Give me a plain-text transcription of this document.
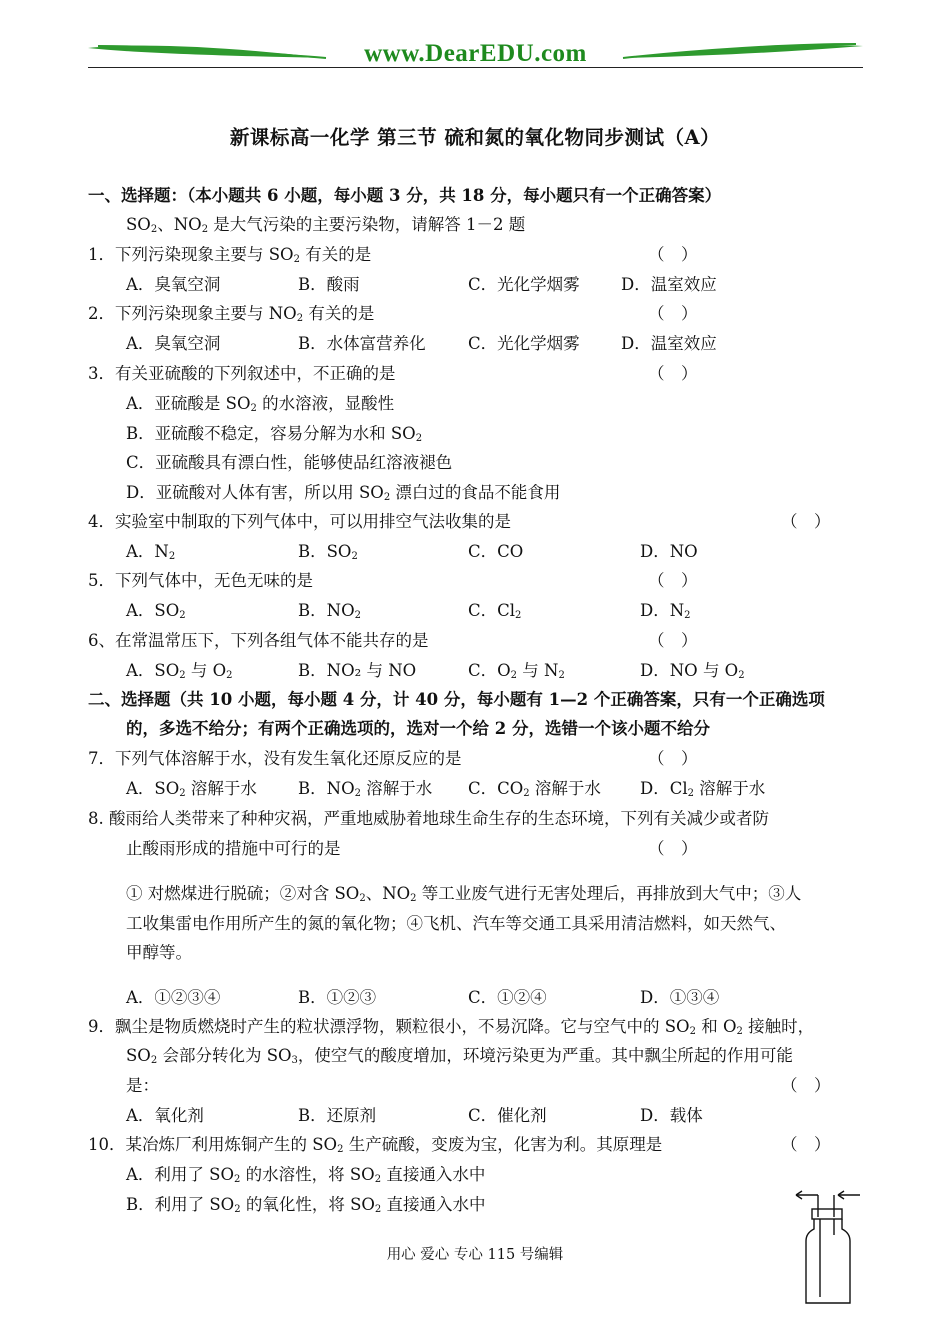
www.DearEDU.com
新课标高一化学 第三节 硫和氮的氧化物同步测试（A）
一、选择题：（本小题共 6 小题，每小题 3 分，共 18 分，每小题只有一个正确答案）
$SO_2$、$NO_2$ 是大气污染的主要污染物，请解答 1－2 题
1．下列污染现象主要与 $SO_2$ 有关的是	（　）
A．臭氧空洞	B．酸雨	C．光化学烟雾	D．温室效应
2．下列污染现象主要与 $NO_2$ 有关的是	（　）
A．臭氧空洞	B．水体富营养化	C．光化学烟雾	D．温室效应
3．有关亚硫酸的下列叙述中，不正确的是	（　）
A．亚硫酸是 $SO_2$ 的水溶液，显酸性
B．亚硫酸不稳定，容易分解为水和 $SO_2$
C．亚硫酸具有漂白性，能够使品红溶液褪色
D．亚硫酸对人体有害，所以用 $SO_2$ 漂白过的食品不能食用
4．实验室中制取的下列气体中，可以用排空气法收集的是	（　）
A．$N_2$	B．$SO_2$	C．CO	D．NO
5．下列气体中，无色无味的是	（　）
A．$SO_2$	B．$NO_2$	C．$Cl_2$	D．$N_2$
6、在常温常压下，下列各组气体不能共存的是	（　）
A．$SO_2$ 与 $O_2$	B．NO₂ 与 NO	C．$O_2$ 与 $N_2$	D．NO 与 $O_2$
二、选择题（共 10 小题，每小题 4 分，计 40 分，每小题有 1—2 个正确答案，只有一个正确选项
的，多选不给分；有两个正确选项的，选对一个给 2 分，选错一个该小题不给分
7．下列气体溶解于水，没有发生氧化还原反应的是	（　）
A．$SO_2$ 溶解于水 B．$NO_2$ 溶解于水 C．$CO_2$ 溶解于水 D．$Cl_2$ 溶解于水
8. 酸雨给人类带来了种种灾祸，严重地威胁着地球生命生存的生态环境，下列有关减少或者防
止酸雨形成的措施中可行的是	（　）
① 对燃煤进行脱硫；②对含 $SO_2$、$NO_2$ 等工业废气进行无害处理后，再排放到大气中；③人
工收集雷电作用所产生的氮的氧化物；④飞机、汽车等交通工具采用清洁燃料，如天然气、
甲醇等。
A．①②③④	B．①②③	C．①②④	D．①③④
9．飘尘是物质燃烧时产生的粒状漂浮物，颗粒很小，不易沉降。它与空气中的 $SO_2$ 和 $O_2$ 接触时，
$SO_2$ 会部分转化为 $SO_3$，使空气的酸度增加，环境污染更为严重。其中飘尘所起的作用可能
是：	（　）
A．氧化剂	B．还原剂	C．催化剂	D．载体
10．某冶炼厂利用炼铜产生的 $SO_2$ 生产硫酸，变废为宝，化害为利。其原理是	（　）
A．利用了 $SO_2$ 的水溶性，将 $SO_2$ 直接通入水中
B．利用了 $SO_2$ 的氧化性，将 $SO_2$ 直接通入水中
用心 爱心 专心 115 号编辑
